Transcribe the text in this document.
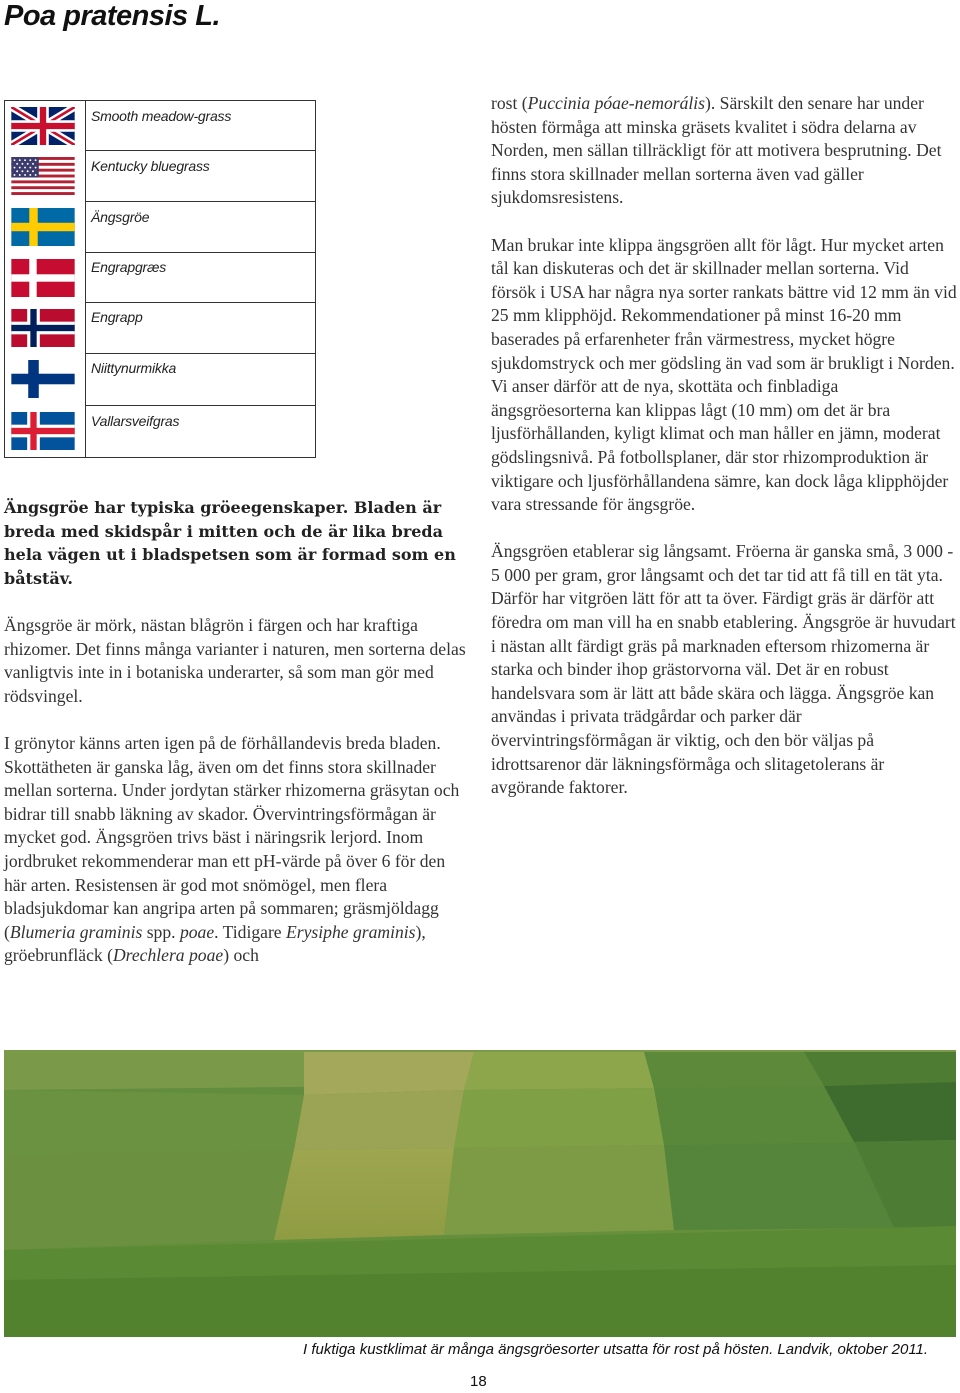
Poa pratensis L.
Smooth meadow-grass
Kentucky bluegrass
Ängsgröe
Engrapgræs
Engrapp
Niittynurmikka
Vallarsveifgras

Ängsgröe har typiska gröeegenskaper. Bladen är breda med skidspår i mitten och de är lika breda hela vägen ut i bladspetsen som är formad som en båtstäv.

Ängsgröe är mörk, nästan blågrön i färgen och har kraftiga rhizomer. Det finns många varianter i naturen, men sorterna delas vanligtvis inte in i botaniska underarter, så som man gör med rödsvingel.

I grönytor känns arten igen på de förhållandevis breda bladen. Skottätheten är ganska låg, även om det finns stora skillnader mellan sorterna. Under jordytan stärker rhizomerna gräsytan och bidrar till snabb läkning av skador. Övervintringsförmågan är mycket god. Ängsgröen trivs bäst i näringsrik lerjord. Inom jordbruket rekommenderar man ett pH-värde på över 6 för den här arten. Resistensen är god mot snömögel, men flera bladsjukdomar kan angripa arten på sommaren; gräsmjöldagg (Blumeria graminis spp. poae. Tidigare Erysiphe graminis), gröebrunfläck (Drechlera poae) och

rost (Puccinia póae-nemorális). Särskilt den senare har under hösten förmåga att minska gräsets kvalitet i södra delarna av Norden, men sällan tillräckligt för att motivera besprutning. Det finns stora skillnader mellan sorterna även vad gäller sjukdomsresistens.

Man brukar inte klippa ängsgröen allt för lågt. Hur mycket arten tål kan diskuteras och det är skillnader mellan sorterna. Vid försök i USA har några nya sorter rankats bättre vid 12 mm än vid 25 mm klipphöjd. Rekommendationer på minst 16-20 mm baserades på erfarenheter från värmestress, mycket högre sjukdomstryck och mer gödsling än vad som är brukligt i Norden. Vi anser därför att de nya, skottäta och finbladiga ängsgröesorterna kan klippas lågt (10 mm) om det är bra ljusförhållanden, kyligt klimat och man håller en jämn, moderat gödslingsnivå. På fotbollsplaner, där stor rhizomproduktion är viktigare och ljusförhållandena sämre, kan dock låga klipphöjder vara stressande för ängsgröe.

Ängsgröen etablerar sig långsamt. Fröerna är ganska små, 3 000 - 5 000 per gram, gror långsamt och det tar tid att få till en tät yta. Därför har vitgröen lätt för att ta över. Färdigt gräs är därför att föredra om man vill ha en snabb etablering. Ängsgröe är huvudart i nästan allt färdigt gräs på marknaden eftersom rhizomerna är starka och binder ihop grästorvorna väl. Det är en robust handelsvara som är lätt att både skära och lägga. Ängsgröe kan användas i privata trädgårdar och parker där övervintringsförmågan är viktig, och den bör väljas på idrottsarenor där läkningsförmåga och slitagetolerans är avgörande faktorer.

I fuktiga kustklimat är många ängsgröesorter utsatta för rost på hösten. Landvik, oktober 2011.
18
